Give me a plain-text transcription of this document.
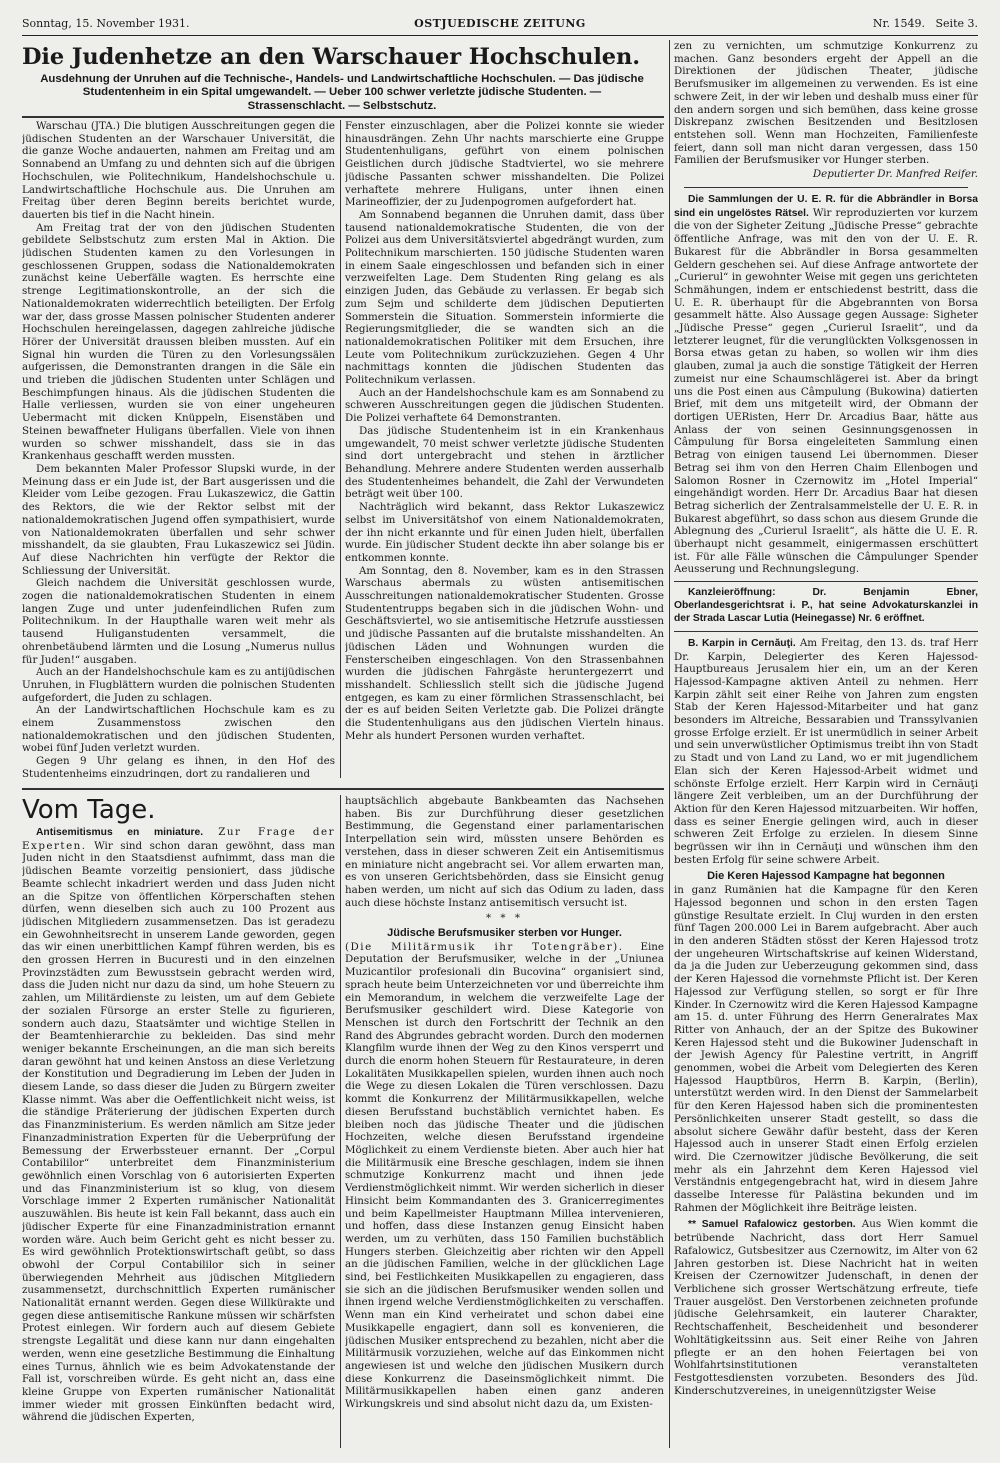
Sonntag, 15. November 1931.	OSTJUEDISCHE ZEITUNG	Nr. 1549. Seite 3.
Die Judenhetze an den Warschauer Hochschulen.
Ausdehnung der Unruhen auf die Technische-, Handels- und Landwirtschaftliche Hochschulen. — Das jüdische Studentenheim in ein Spital umgewandelt. — Ueber 100 schwer verletzte jüdische Studenten. — Strassenschlacht. — Selbstschutz.

Warschau (JTA.) Die blutigen Ausschreitungen gegen die jüdischen Studenten an der Warschauer Universität, die die ganze Woche andauerten, nahmen am Freitag und am Sonnabend an Umfang zu und dehnten sich auf die übrigen Hochschulen, wie Politechnikum, Handelshochschule u. Landwirtschaftliche Hochschule aus. Die Unruhen am Freitag über deren Beginn bereits berichtet wurde, dauerten bis tief in die Nacht hinein.

Am Freitag trat der von den jüdischen Studenten gebildete Selbstschutz zum ersten Mal in Aktion. Die jüdischen Studenten kamen zu den Vorlesungen in geschlossenen Gruppen, sodass die Nationaldemokraten zunächst keine Ueberfälle wagten. Es herrschte eine strenge Legitimationskontrolle, an der sich die Nationaldemokraten widerrechtlich beteiligten. Der Erfolg war der, dass grosse Massen polnischer Studenten anderer Hochschulen hereingelassen, dagegen zahlreiche jüdische Hörer der Universität draussen bleiben mussten. Auf ein Signal hin wurden die Türen zu den Vorlesungssälen aufgerissen, die Demonstranten drangen in die Säle ein und trieben die jüdischen Studenten unter Schlägen und Beschimpfungen hinaus. Als die jüdischen Studenten die Halle verliessen, wurden sie von einer ungeheuren Uebermacht mit dicken Knüppeln, Eisenstäben und Steinen bewaffneter Huligans überfallen. Viele von ihnen wurden so schwer misshandelt, dass sie in das Krankenhaus geschafft werden mussten.

Dem bekannten Maler Professor Slupski wurde, in der Meinung dass er ein Jude ist, der Bart ausgerissen und die Kleider vom Leibe gezogen. Frau Lukaszewicz, die Gattin des Rektors, die wie der Rektor selbst mit der nationaldemokratischen Jugend offen sympathisiert, wurde von Nationaldemokraten überfallen und sehr schwer misshandelt, da sie glaubten, Frau Lukaszewicz sei Jüdin. Auf diese Nachrichten hin verfügte der Rektor die Schliessung der Universität.

Gleich nachdem die Universität geschlossen wurde, zogen die nationaldemokratischen Studenten in einem langen Zuge und unter judenfeindlichen Rufen zum Politechnikum. In der Haupthalle waren weit mehr als tausend Huliganstudenten versammelt, die ohrenbetäubend lärmten und die Losung „Numerus nullus für Juden!“ ausgaben.

Auch an der Handelshochschule kam es zu antijüdischen Unruhen, in Flugblättern wurden die polnischen Studenten aufgefordert, die Juden zu schlagen.

An der Landwirtschaftlichen Hochschule kam es zu einem Zusammenstoss zwischen den nationaldemokratischen und den jüdischen Studenten, wobei fünf Juden verletzt wurden.

Gegen 9 Uhr gelang es ihnen, in den Hof des Studentenheims einzudringen, dort zu randalieren und

Fenster einzuschlagen, aber die Polizei konnte sie wieder hinausdrängen. Zehn Uhr nachts marschierte eine Gruppe Studentenhuligans, geführt von einem polnischen Geistlichen durch jüdische Stadtviertel, wo sie mehrere jüdische Passanten schwer misshandelten. Die Polizei verhaftete mehrere Huligans, unter ihnen einen Marineoffizier, der zu Judenpogromen aufgefordert hat.

Am Sonnabend begannen die Unruhen damit, dass über tausend nationaldemokratische Studenten, die von der Polizei aus dem Universitätsviertel abgedrängt wurden, zum Politechnikum marschierten. 150 jüdische Studenten waren in einem Saale eingeschlossen und befanden sich in einer verzweifelten Lage. Dem Studenten Ring gelang es als einzigen Juden, das Gebäude zu verlassen. Er begab sich zum Sejm und schilderte dem jüdischen Deputierten Sommerstein die Situation. Sommerstein informierte die Regierungsmitglieder, die se wandten sich an die nationaldemokratischen Politiker mit dem Ersuchen, ihre Leute vom Politechnikum zurückzuziehen. Gegen 4 Uhr nachmittags konnten die jüdischen Studenten das Politechnikum verlassen.

Auch an der Handelshochschule kam es am Sonnabend zu schweren Ausschreitungen gegen die jüdischen Studenten. Die Polizei verhaftete 64 Demonstranten.

Das jüdische Studentenheim ist in ein Krankenhaus umgewandelt, 70 meist schwer verletzte jüdische Studenten sind dort untergebracht und stehen in ärztlicher Behandlung. Mehrere andere Studenten werden ausserhalb des Studentenheimes behandelt, die Zahl der Verwundeten beträgt weit über 100.

Nachträglich wird bekannt, dass Rektor Lukaszewicz selbst im Universitätshof von einem Nationaldemokraten, der ihn nicht erkannte und für einen Juden hielt, überfallen wurde. Ein jüdischer Student deckte ihn aber solange bis er entkommen konnte.

Am Sonntag, den 8. November, kam es in den Strassen Warschaus abermals zu wüsten antisemitischen Ausschreitungen nationaldemokratischer Studenten. Grosse Studententrupps begaben sich in die jüdischen Wohn- und Geschäftsviertel, wo sie antisemitische Hetzrufe ausstiessen und jüdische Passanten auf die brutalste misshandelten. An jüdischen Läden und Wohnungen wurden die Fensterscheiben eingeschlagen. Von den Strassenbahnen wurden die jüdischen Fahrgäste heruntergezerrt und misshandelt. Schliesslich stellt sich die jüdische Jugend entgegen, es kam zu einer förmlichen Strassenschlacht, bei der es auf beiden Seiten Verletzte gab. Die Polizei drängte die Studentenhuligans aus den jüdischen Vierteln hinaus. Mehr als hundert Personen wurden verhaftet.

Vom Tage.

Antisemitismus en miniature. Zur Frage der Experten. Wir sind schon daran gewöhnt, dass man Juden nicht in den Staatsdienst aufnimmt, dass man die jüdischen Beamte vorzeitig pensioniert, dass jüdische Beamte schlecht inkadriert werden und dass Juden nicht an die Spitze von öffentlichen Körperschaften stehen dürfen, wenn dieselben sich auch zu 100 Prozent aus jüdischen Mitgliedern zusammensetzen. Das ist geradezu ein Gewohnheitsrecht in unserem Lande geworden, gegen das wir einen unerbittlichen Kampf führen werden, bis es den grossen Herren in Bucuresti und in den einzelnen Provinzstädten zum Bewusstsein gebracht werden wird, dass die Juden nicht nur dazu da sind, um hohe Steuern zu zahlen, um Militärdienste zu leisten, um auf dem Gebiete der sozialen Fürsorge an erster Stelle zu figurieren, sondern auch dazu, Staatsämter und wichtige Stellen in der Beamtenhierarchie zu bekleiden. Das sind mehr weniger bekannte Erscheinungen, an die man sich bereits daran gewöhnt hat und keinen Anstoss an diese Verletzung der Konstitution und Degradierung im Leben der Juden in diesem Lande, so dass dieser die Juden zu Bürgern zweiter Klasse nimmt. Was aber die Oeffentlichkeit nicht weiss, ist die ständige Präterierung der jüdischen Experten durch das Finanzministerium. Es werden nämlich am Sitze jeder Finanzadministration Experten für die Ueberprüfung der Bemessung der Erwerbssteuer ernannt. Der „Corpul Contabililor“ unterbreitet dem Finanzministerium gewöhnlich einen Vorschlag von 6 autorisierten Experten und das Finanzministerium ist so klug, von diesem Vorschlage immer 2 Experten rumänischer Nationalität auszuwählen. Bis heute ist kein Fall bekannt, dass auch ein jüdischer Experte für eine Finanzadministration ernannt worden wäre. Auch beim Gericht geht es nicht besser zu. Es wird gewöhnlich Protektionswirtschaft geübt, so dass obwohl der Corpul Contabililor sich in seiner überwiegenden Mehrheit aus jüdischen Mitgliedern zusammensetzt, durchschnittlich Experten rumänischer Nationalität ernannt werden. Gegen diese Willkürakte und gegen diese antisemitische Rankune müssen wir schärfsten Protest einlegen. Wir fordern auch auf diesem Gebiete strengste Legalität und diese kann nur dann eingehalten werden, wenn eine gesetzliche Bestimmung die Einhaltung eines Turnus, ähnlich wie es beim Advokatenstande der Fall ist, vorschreiben würde. Es geht nicht an, dass eine kleine Gruppe von Experten rumänischer Nationalität immer wieder mit grossen Einkünften bedacht wird, während die jüdischen Experten,

hauptsächlich abgebaute Bankbeamten das Nachsehen haben. Bis zur Durchführung dieser gesetzlichen Bestimmung, die Gegenstand einer parlamentarischen Interpellation sein wird, müssten unsere Behörden es verstehen, dass in dieser schweren Zeit ein Antisemitismus en miniature nicht angebracht sei. Vor allem erwarten man, es von unseren Gerichtsbehörden, dass sie Einsicht genug haben werden, um nicht auf sich das Odium zu laden, dass auch diese höchste Instanz antisemitisch versucht ist.

* * *
Jüdische Berufsmusiker sterben vor Hunger.

(Die Militärmusik ihr Totengräber). Eine Deputation der Berufsmusiker, welche in der „Uniunea Muzicantilor profesionali din Bucovina“ organisiert sind, sprach heute beim Unterzeichneten vor und überreichte ihm ein Memorandum, in welchem die verzweifelte Lage der Berufsmusiker geschildert wird. Diese Kategorie von Menschen ist durch den Fortschritt der Technik an den Rand des Abgrundes gebracht worden. Durch den modernen Klangfilm wurde ihnen der Weg zu den Kinos versperrt und durch die enorm hohen Steuern für Restaurateure, in deren Lokalitäten Musikkapellen spielen, wurden ihnen auch noch die Wege zu diesen Lokalen die Türen verschlossen. Dazu kommt die Konkurrenz der Militärmusikkapellen, welche diesen Berufsstand buchstäblich vernichtet haben. Es bleiben noch das jüdische Theater und die jüdischen Hochzeiten, welche diesen Berufsstand irgendeine Möglichkeit zu einem Verdienste bieten. Aber auch hier hat die Militärmusik eine Bresche geschlagen, indem sie ihnen schmutzige Konkurrenz macht und ihnen jede Verdienstmöglichkeit nimmt. Wir werden sicherlich in dieser Hinsicht beim Kommandanten des 3. Granicerregimentes und beim Kapellmeister Hauptmann Millea intervenieren, und hoffen, dass diese Instanzen genug Einsicht haben werden, um zu verhüten, dass 150 Familien buchstäblich Hungers sterben. Gleichzeitig aber richten wir den Appell an die jüdischen Familien, welche in der glücklichen Lage sind, bei Festlichkeiten Musikkapellen zu engagieren, dass sie sich an die jüdischen Berufsmusiker wenden sollen und ihnen irgend welche Verdienstmöglichkeiten zu verschaffen. Wenn man ein Kind verheiratet und schon dabei eine Musikkapelle engagiert, dann soll es konvenieren, die jüdischen Musiker entsprechend zu bezahlen, nicht aber die Militärmusik vorzuziehen, welche auf das Einkommen nicht angewiesen ist und welche den jüdischen Musikern durch diese Konkurrenz die Daseinsmöglichkeit nimmt. Die Militärmusikkapellen haben einen ganz anderen Wirkungskreis und sind absolut nicht dazu da, um Existen-

zen zu vernichten, um schmutzige Konkurrenz zu machen. Ganz besonders ergeht der Appell an die Direktionen der jüdischen Theater, jüdische Berufsmusiker im allgemeinen zu verwenden. Es ist eine schwere Zeit, in der wir leben und deshalb muss einer für den andern sorgen und sich bemühen, dass keine grosse Diskrepanz zwischen Besitzenden und Besitzlosen entstehen soll. Wenn man Hochzeiten, Familienfeste feiert, dann soll man nicht daran vergessen, dass 150 Familien der Berufsmusiker vor Hunger sterben.

Deputierter Dr. Manfred Reifer.

Die Sammlungen der U. E. R. für die Abbrändler in Borsa sind ein ungelöstes Rätsel. Wir reproduzierten vor kurzem die von der Sigheter Zeitung „Jüdische Presse“ gebrachte öffentliche Anfrage, was mit den von der U. E. R. Bukarest für die Abbrändler in Borsa gesammelten Geldern geschehen sei. Auf diese Anfrage antwortete der „Curierul“ in gewohnter Weise mit gegen uns gerichteten Schmähungen, indem er entschiedenst bestritt, dass die U. E. R. überhaupt für die Abgebrannten von Borsa gesammelt hätte. Also Aussage gegen Aussage: Sigheter „Jüdische Presse“ gegen „Curierul Israelit“, und da letzterer leugnet, für die verunglückten Volksgenossen in Borsa etwas getan zu haben, so wollen wir ihm dies glauben, zumal ja auch die sonstige Tätigkeit der Herren zumeist nur eine Schaumschlägerei ist. Aber da bringt uns die Post einen aus Câmpulung (Bukowina) datierten Brief, mit dem uns mitgeteilt wird, der Obmann der dortigen UERisten, Herr Dr. Arcadius Baar, hätte aus Anlass der von seinen Gesinnungsgenossen in Câmpulung für Borsa eingeleiteten Sammlung einen Betrag von einigen tausend Lei übernommen. Dieser Betrag sei ihm von den Herren Chaim Ellenbogen und Salomon Rosner in Czernowitz im „Hotel Imperial“ eingehändigt worden. Herr Dr. Arcadius Baar hat diesen Betrag sicherlich der Zentralsammelstelle der U. E. R. in Bukarest abgeführt, so dass schon aus diesem Grunde die Ablegnung des „Curierul Israelit“, als hätte die U. E. R. überhaupt nicht gesammelt, einigermassen erschüttert ist. Für alle Fälle wünschen die Câmpulunger Spender Aeusserung und Rechnungslegung.

Kanzleieröffnung: Dr. Benjamin Ebner, Oberlandesgerichtsrat i. P., hat seine Advokaturskanzlei in der Strada Lascar Lutia (Heinegasse) Nr. 6 eröffnet.

B. Karpin in Cernăuţi. Am Freitag, den 13. ds. traf Herr Dr. Karpin, Delegierter des Keren Hajessod-Hauptbureaus Jerusalem hier ein, um an der Keren Hajessod-Kampagne aktiven Anteil zu nehmen. Herr Karpin zählt seit einer Reihe von Jahren zum engsten Stab der Keren Hajessod-Mitarbeiter und hat ganz besonders im Altreiche, Bessarabien und Transsylvanien grosse Erfolge erzielt. Er ist unermüdlich in seiner Arbeit und sein unverwüstlicher Optimismus treibt ihn von Stadt zu Stadt und von Land zu Land, wo er mit jugendlichem Elan sich der Keren Hajessod-Arbeit widmet und schönste Erfolge erzielt. Herr Karpin wird in Cernăuţi längere Zeit verbleiben, um an der Durchführung der Aktion für den Keren Hajessod mitzuarbeiten. Wir hoffen, dass es seiner Energie gelingen wird, auch in dieser schweren Zeit Erfolge zu erzielen. In diesem Sinne begrüssen wir ihn in Cernăuţi und wünschen ihm den besten Erfolg für seine schwere Arbeit.

Die Keren Hajessod Kampagne hat begonnen

in ganz Rumänien hat die Kampagne für den Keren Hajessod begonnen und schon in den ersten Tagen günstige Resultate erzielt. In Cluj wurden in den ersten fünf Tagen 200.000 Lei in Barem aufgebracht. Aber auch in den anderen Städten stösst der Keren Hajessod trotz der ungeheuren Wirtschaftskrise auf keinen Widerstand, da ja die Juden zur Ueberzeugung gekommen sind, dass der Keren Hajessod die vornehmste Pflicht ist. Der Keren Hajessod zur Verfügung stellen, so sorgt er für Ihre Kinder. In Czernowitz wird die Keren Hajessod Kampagne am 15. d. unter Führung des Herrn Generalrates Max Ritter von Anhauch, der an der Spitze des Bukowiner Keren Hajessod steht und die Bukowiner Judenschaft in der Jewish Agency für Palestine vertritt, in Angriff genommen, wobei die Arbeit vom Delegierten des Keren Hajessod Hauptbüros, Herrn B. Karpin, (Berlin), unterstützt werden wird. In den Dienst der Sammelarbeit für den Keren Hajessod haben sich die prominentesten Persönlichkeiten unserer Stadt gestellt, so dass die absolut sichere Gewähr dafür besteht, dass der Keren Hajessod auch in unserer Stadt einen Erfolg erzielen wird. Die Czernowitzer jüdische Bevölkerung, die seit mehr als ein Jahrzehnt dem Keren Hajessod viel Verständnis entgegengebracht hat, wird in diesem Jahre dasselbe Interesse für Palästina bekunden und im Rahmen der Möglichkeit ihre Beiträge leisten.

** Samuel Rafalowicz gestorben. Aus Wien kommt die betrübende Nachricht, dass dort Herr Samuel Rafalowicz, Gutsbesitzer aus Czernowitz, im Alter von 62 Jahren gestorben ist. Diese Nachricht hat in weiten Kreisen der Czernowitzer Judenschaft, in denen der Verblichene sich grosser Wertschätzung erfreute, tiefe Trauer ausgelöst. Den Verstorbenen zeichneten profunde jüdische Gelehrsamkeit, ein lauterer Charakter, Rechtschaffenheit, Bescheidenheit und besonderer Wohltätigkeitssinn aus. Seit einer Reihe von Jahren pflegte er an den hohen Feiertagen bei von Wohlfahrtsinstitutionen veranstalteten Festgottesdiensten vorzubeten. Besonders des Jüd. Kinderschutzvereines, in uneigennützigster Weise
